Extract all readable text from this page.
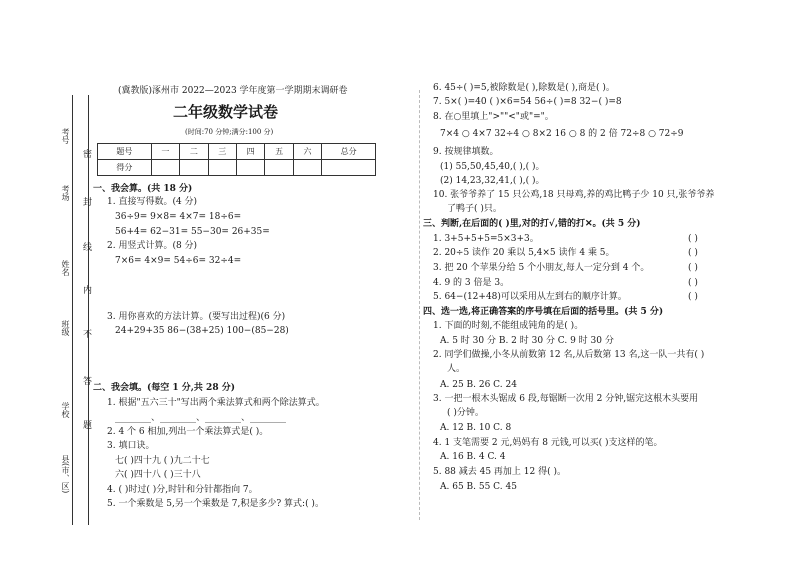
考号
考场
姓名
班级
学校
县(市、区)
密
封
线
内
不
答
题
(冀教版)涿州市 2022—2023 学年度第一学期期末调研卷
二年级数学试卷
(时间:70 分钟;满分:100 分)
题号	一	二	三	四	五	六	总分
得分							
一、我会算。(共 18 分)
1. 直接写得数。(4 分)
36÷9= 9×8= 4×7= 18÷6=
56+4= 62−31= 55−30= 26+35=
2. 用竖式计算。(8 分)
7×6= 4×9= 54÷6= 32÷4=
3. 用你喜欢的方法计算。(要写出过程)(6 分)
24+29+35 86−(38+25) 100−(85−28)
二、我会填。(每空 1 分,共 28 分)
1. 根据"五六三十"写出两个乘法算式和两个除法算式。
________、________、________、________
2. 4 个 6 相加,列出一个乘法算式是( )。
3. 填口诀。
七( )四十九 ( )九二十七
六( )四十八 ( )三十八
4. ( )时过( )分,时针和分针都指向 7。
5. 一个乘数是 5,另一个乘数是 7,积是多少? 算式:( )。
6. 45÷( )=5,被除数是( ),除数是( ),商是( )。
7. 5×( )=40 ( )×6=54 56÷( )=8 32−( )=8
8. 在○里填上">""<"或"="。
7×4 ○ 4×7 32÷4 ○ 8×2 16 ○ 8 的 2 倍 72÷8 ○ 72÷9
9. 按规律填数。
(1) 55,50,45,40,( ),( )。
(2) 14,23,32,41,( ),( )。
10. 张爷爷养了 15 只公鸡,18 只母鸡,养的鸡比鸭子少 10 只,张爷爷养
了鸭子( )只。
三、判断,在后面的( )里,对的打√,错的打✕。(共 5 分)
1. 3+5+5+5=5×3+3。	( )
2. 20÷5 读作 20 乘以 5,4×5 读作 4 乘 5。	( )
3. 把 20 个苹果分给 5 个小朋友,每人一定分到 4 个。	( )
4. 9 的 3 倍是 3。	( )
5. 64−(12+48)可以采用从左到右的顺序计算。	( )
四、选一选,将正确答案的序号填在后面的括号里。(共 5 分)
1. 下面的时刻,不能组成钝角的是( )。
A. 5 时 30 分 B. 2 时 30 分 C. 9 时 30 分
2. 同学们做操,小冬从前数第 12 名,从后数第 13 名,这一队一共有( )
人。
A. 25 B. 26 C. 24
3. 一把一根木头锯成 6 段,每锯断一次用 2 分钟,锯完这根木头要用
( )分钟。
A. 12 B. 10 C. 8
4. 1 支笔需要 2 元,妈妈有 8 元钱,可以买( )支这样的笔。
A. 16 B. 4 C. 4
5. 88 减去 45 再加上 12 得( )。
A. 65 B. 55 C. 45
